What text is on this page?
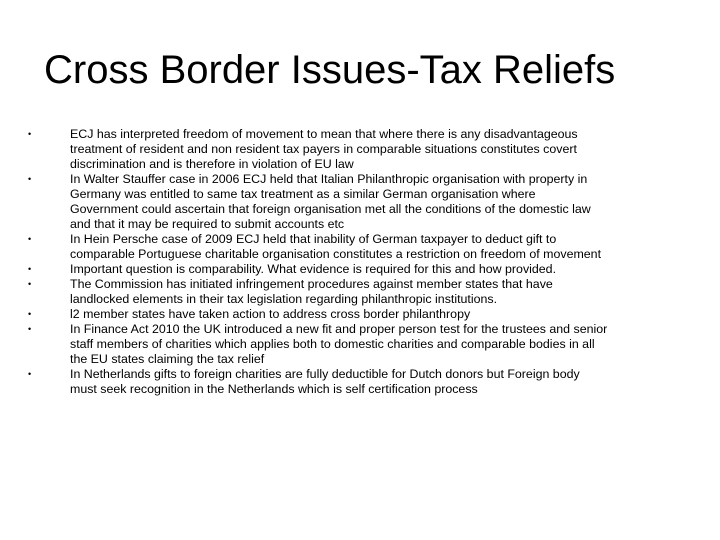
Cross Border Issues-Tax Reliefs
•	ECJ has interpreted freedom of movement to mean that where there is any disadvantageous
treatment of resident and non resident tax payers in comparable situations constitutes covert
discrimination and is therefore in violation of EU law
•	In Walter Stauffer case in 2006 ECJ held that Italian Philanthropic organisation with property in
Germany was entitled to same tax treatment as a similar German organisation where
Government could ascertain that foreign organisation met all the conditions of the domestic law
and that it may be required to submit accounts etc
•	In Hein Persche case of 2009 ECJ held that inability of German taxpayer to deduct gift to
comparable Portuguese charitable organisation constitutes a restriction on freedom of movement
•	Important question is comparability. What evidence is required for this and how provided.
•	The Commission has initiated infringement procedures against member states that have
landlocked elements in their tax legislation regarding philanthropic institutions.
•	l2 member states have taken action to address cross border philanthropy
•	In Finance Act 2010 the UK introduced a new fit and proper person test for the trustees and senior
staff members of charities which applies both to domestic charities and comparable bodies in all
the EU states claiming the tax relief
•	In Netherlands gifts to foreign charities are fully deductible for Dutch donors but Foreign body
must seek recognition in the Netherlands which is self certification process
